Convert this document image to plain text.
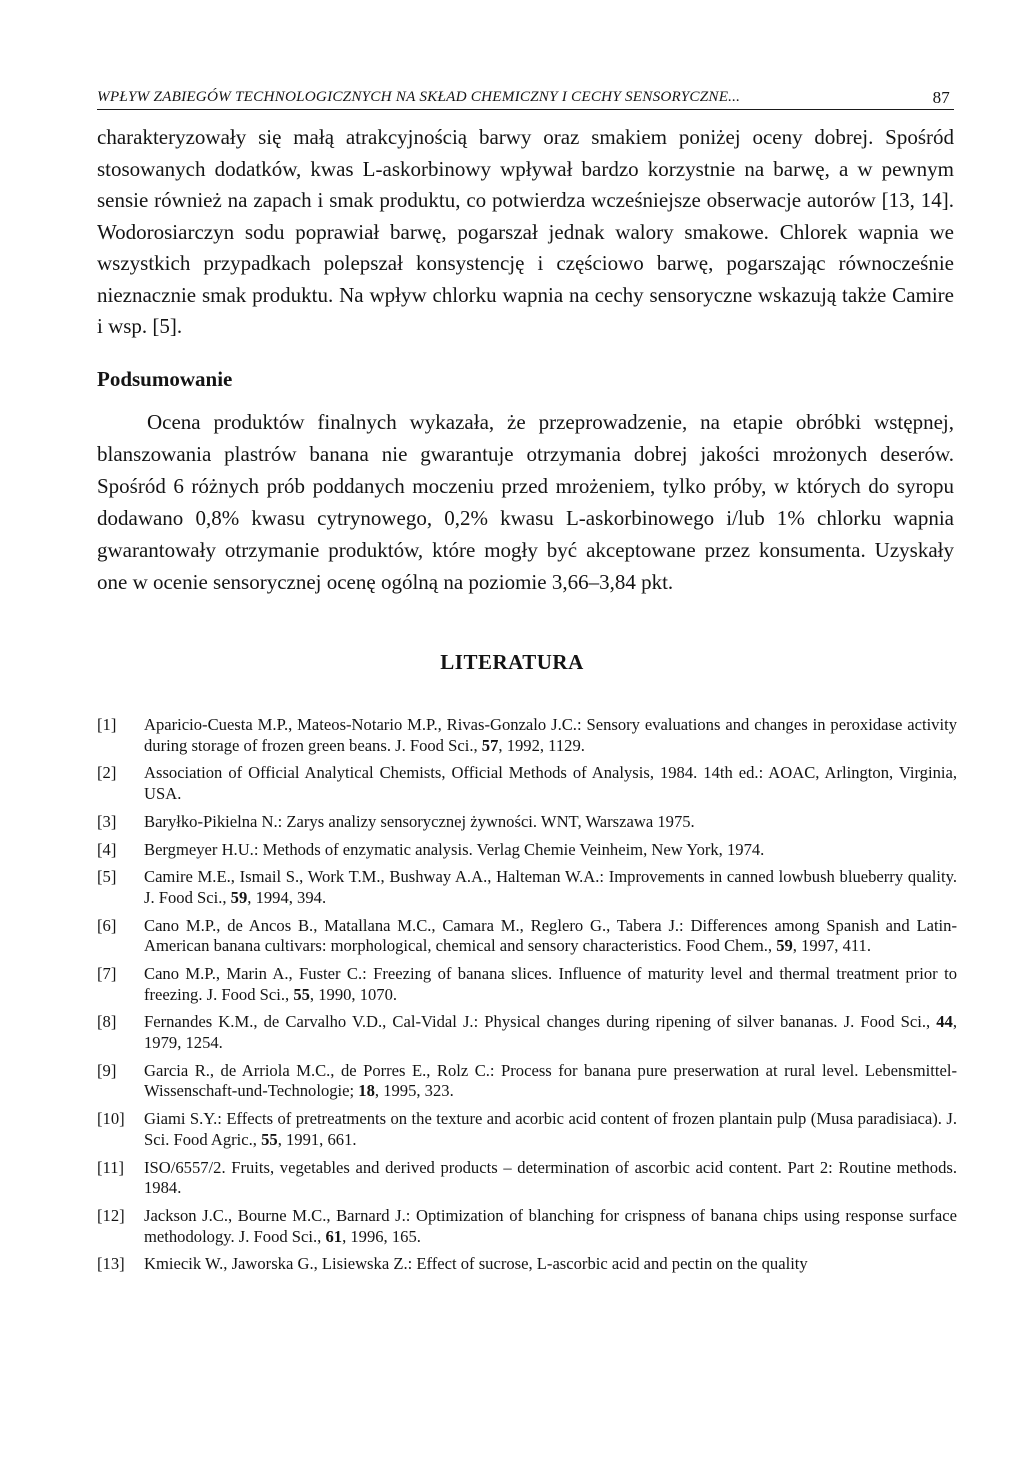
WPŁYW ZABIEGÓW TECHNOLOGICZNYCH NA SKŁAD CHEMICZNY I CECHY SENSORYCZNE...	87

charakteryzowały się małą atrakcyjnością barwy oraz smakiem poniżej oceny dobrej. Spośród stosowanych dodatków, kwas L-askorbinowy wpływał bardzo korzystnie na barwę, a w pewnym sensie również na zapach i smak produktu, co potwierdza wcześniejsze obserwacje autorów [13, 14]. Wodorosiarczyn sodu poprawiał barwę, pogarszał jednak walory smakowe. Chlorek wapnia we wszystkich przypadkach polepszał konsystencję i częściowo barwę, pogarszając równocześnie nieznacznie smak produktu. Na wpływ chlorku wapnia na cechy sensoryczne wskazują także Camire i wsp. [5].

Podsumowanie

Ocena produktów finalnych wykazała, że przeprowadzenie, na etapie obróbki wstępnej, blanszowania plastrów banana nie gwarantuje otrzymania dobrej jakości mrożonych deserów. Spośród 6 różnych prób poddanych moczeniu przed mrożeniem, tylko próby, w których do syropu dodawano 0,8% kwasu cytrynowego, 0,2% kwasu L-askorbinowego i/lub 1% chlorku wapnia gwarantowały otrzymanie produktów, które mogły być akceptowane przez konsumenta. Uzyskały one w ocenie sensorycznej ocenę ogólną na poziomie 3,66–3,84 pkt.

LITERATURA
[1]	Aparicio-Cuesta M.P., Mateos-Notario M.P., Rivas-Gonzalo J.C.: Sensory evaluations and changes in peroxidase activity during storage of frozen green beans. J. Food Sci., 57, 1992, 1129.
[2]	Association of Official Analytical Chemists, Official Methods of Analysis, 1984. 14th ed.: AOAC, Arlington, Virginia, USA.
[3]	Baryłko-Pikielna N.: Zarys analizy sensorycznej żywności. WNT, Warszawa 1975.
[4]	Bergmeyer H.U.: Methods of enzymatic analysis. Verlag Chemie Veinheim, New York, 1974.
[5]	Camire M.E., Ismail S., Work T.M., Bushway A.A., Halteman W.A.: Improvements in canned lowbush blueberry quality. J. Food Sci., 59, 1994, 394.
[6]	Cano M.P., de Ancos B., Matallana M.C., Camara M., Reglero G., Tabera J.: Differences among Spanish and Latin-American banana cultivars: morphological, chemical and sensory characteristics. Food Chem., 59, 1997, 411.
[7]	Cano M.P., Marin A., Fuster C.: Freezing of banana slices. Influence of maturity level and thermal treatment prior to freezing. J. Food Sci., 55, 1990, 1070.
[8]	Fernandes K.M., de Carvalho V.D., Cal-Vidal J.: Physical changes during ripening of silver bananas. J. Food Sci., 44, 1979, 1254.
[9]	Garcia R., de Arriola M.C., de Porres E., Rolz C.: Process for banana pure preserwation at rural level. Lebensmittel-Wissenschaft-und-Technologie; 18, 1995, 323.
[10]	Giami S.Y.: Effects of pretreatments on the texture and acorbic acid content of frozen plantain pulp (Musa paradisiaca). J. Sci. Food Agric., 55, 1991, 661.
[11]	ISO/6557/2. Fruits, vegetables and derived products – determination of ascorbic acid content. Part 2: Routine methods. 1984.
[12]	Jackson J.C., Bourne M.C., Barnard J.: Optimization of blanching for crispness of banana chips using response surface methodology. J. Food Sci., 61, 1996, 165.
[13]	Kmiecik W., Jaworska G., Lisiewska Z.: Effect of sucrose, L-ascorbic acid and pectin on the quality
